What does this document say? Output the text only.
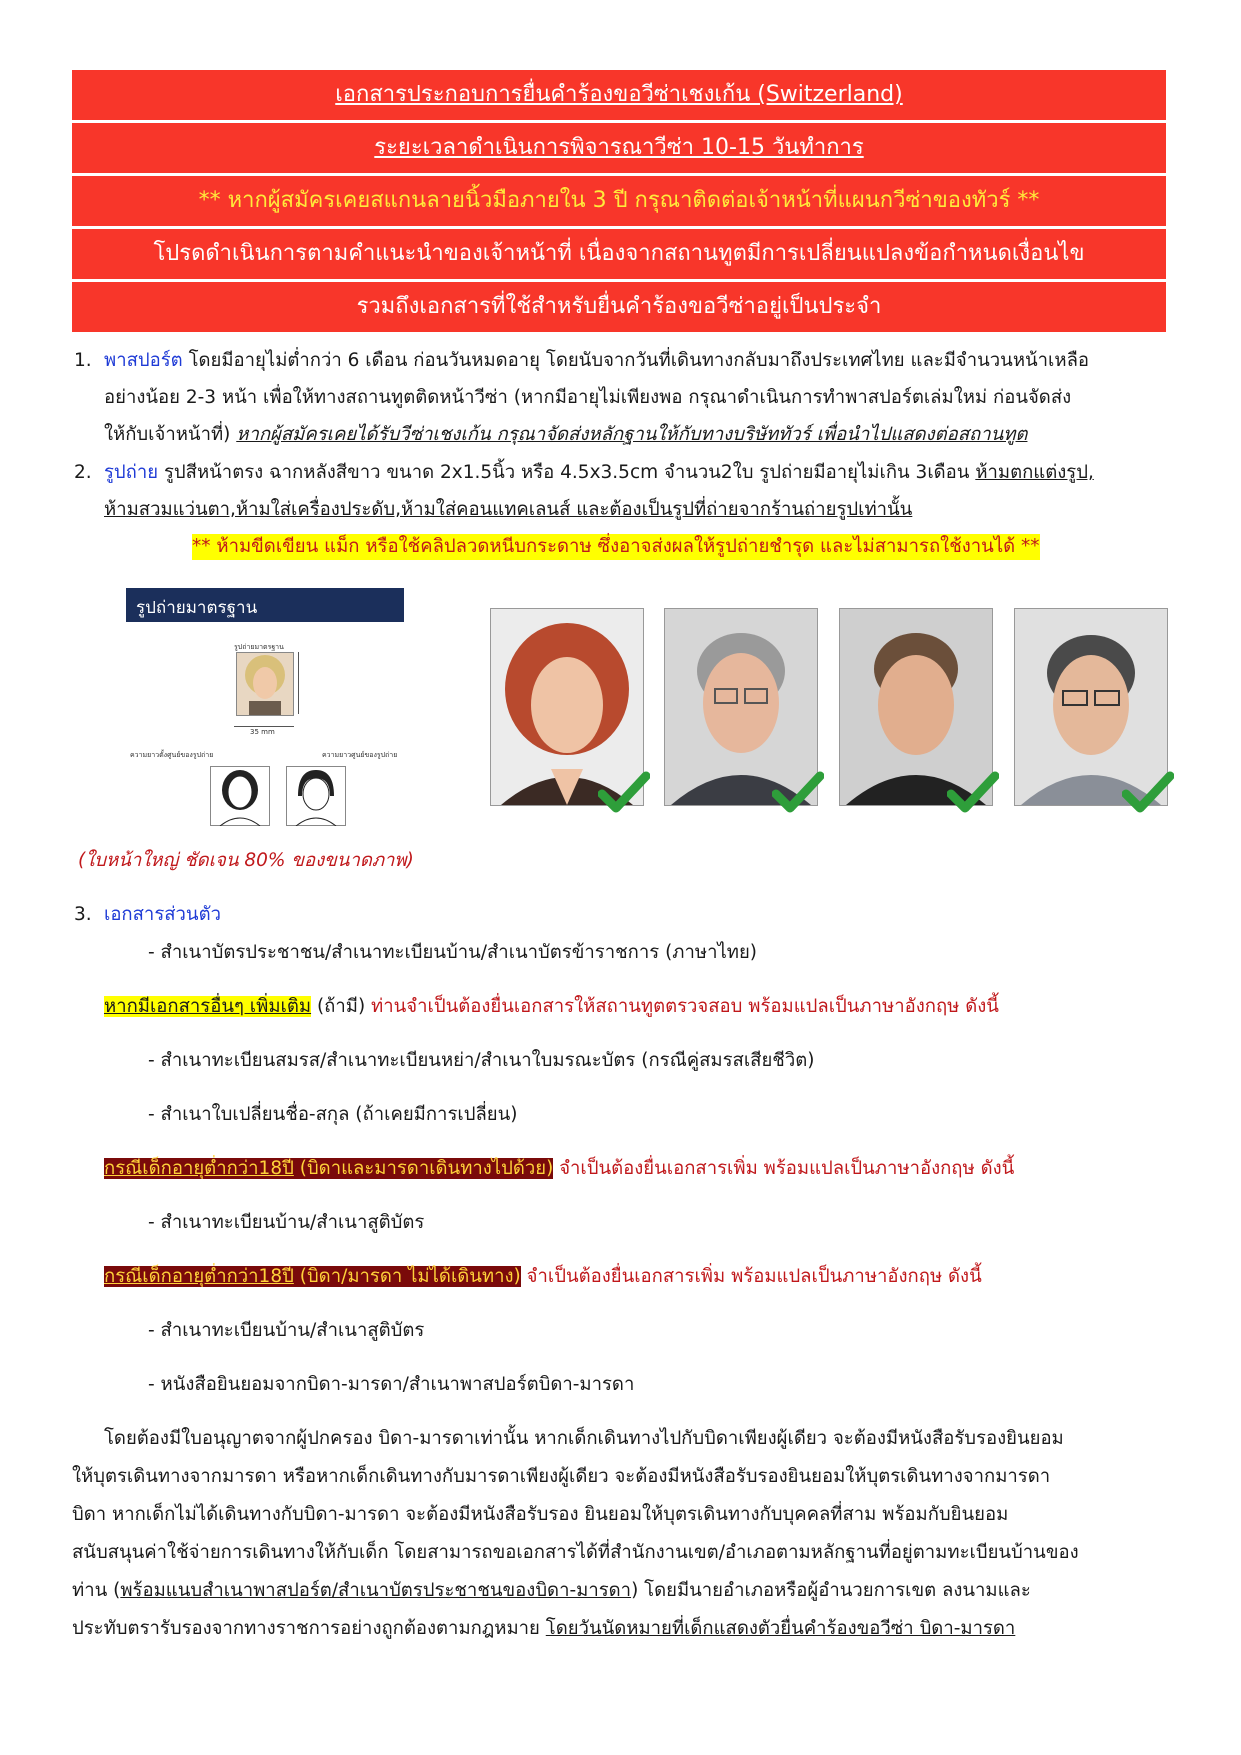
เอกสารประกอบการยื่นคำร้องขอวีซ่าเชงเก้น (Switzerland)
ระยะเวลาดำเนินการพิจารณาวีซ่า 10-15 วันทำการ
** หากผู้สมัครเคยสแกนลายนิ้วมือภายใน 3 ปี กรุณาติดต่อเจ้าหน้าที่แผนกวีซ่าของทัวร์ **
โปรดดำเนินการตามคำแนะนำของเจ้าหน้าที่ เนื่องจากสถานทูตมีการเปลี่ยนแปลงข้อกำหนดเงื่อนไข
รวมถึงเอกสารที่ใช้สำหรับยื่นคำร้องขอวีซ่าอยู่เป็นประจำ
1. พาสปอร์ต โดยมีอายุไม่ต่ำกว่า 6 เดือน ก่อนวันหมดอายุ โดยนับจากวันที่เดินทางกลับมาถึงประเทศไทย และมีจำนวนหน้าเหลือ
อย่างน้อย 2-3 หน้า เพื่อให้ทางสถานทูตติดหน้าวีซ่า (หากมีอายุไม่เพียงพอ กรุณาดำเนินการทำพาสปอร์ตเล่มใหม่ ก่อนจัดส่ง
ให้กับเจ้าหน้าที่) หากผู้สมัครเคยได้รับวีซ่าเชงเก้น กรุณาจัดส่งหลักฐานให้กับทางบริษัททัวร์ เพื่อนำไปแสดงต่อสถานทูต
2. รูปถ่าย รูปสีหน้าตรง ฉากหลังสีขาว ขนาด 2x1.5นิ้ว หรือ 4.5x3.5cm จำนวน2ใบ รูปถ่ายมีอายุไม่เกิน 3เดือน ห้ามตกแต่งรูป,
ห้ามสวมแว่นตา,ห้ามใส่เครื่องประดับ,ห้ามใส่คอนแทคเลนส์ และต้องเป็นรูปที่ถ่ายจากร้านถ่ายรูปเท่านั้น
** ห้ามขีดเขียน แม็ก หรือใช้คลิปลวดหนีบกระดาษ ซึ่งอาจส่งผลให้รูปถ่ายชำรุด และไม่สามารถใช้งานได้ **
รูปถ่ายมาตรฐาน
รูปถ่ายมาตรฐาน
35 mm
ความยาวตั้งศูนย์ของรูปถ่าย	ความยาวศูนย์ของรูปถ่าย
(ใบหน้าใหญ่ ชัดเจน 80% ของขนาดภาพ)
3. เอกสารส่วนตัว
- สำเนาบัตรประชาชน/สำเนาทะเบียนบ้าน/สำเนาบัตรข้าราชการ (ภาษาไทย)
หากมีเอกสารอื่นๆ เพิ่มเติม (ถ้ามี) ท่านจำเป็นต้องยื่นเอกสารให้สถานทูตตรวจสอบ พร้อมแปลเป็นภาษาอังกฤษ ดังนี้
- สำเนาทะเบียนสมรส/สำเนาทะเบียนหย่า/สำเนาใบมรณะบัตร (กรณีคู่สมรสเสียชีวิต)
- สำเนาใบเปลี่ยนชื่อ-สกุล (ถ้าเคยมีการเปลี่ยน)
กรณีเด็กอายุต่ำกว่า18ปี (บิดาและมารดาเดินทางไปด้วย) จำเป็นต้องยื่นเอกสารเพิ่ม พร้อมแปลเป็นภาษาอังกฤษ ดังนี้
- สำเนาทะเบียนบ้าน/สำเนาสูติบัตร
กรณีเด็กอายุต่ำกว่า18ปี (บิดา/มารดา ไม่ได้เดินทาง) จำเป็นต้องยื่นเอกสารเพิ่ม พร้อมแปลเป็นภาษาอังกฤษ ดังนี้
- สำเนาทะเบียนบ้าน/สำเนาสูติบัตร
- หนังสือยินยอมจากบิดา-มารดา/สำเนาพาสปอร์ตบิดา-มารดา
โดยต้องมีใบอนุญาตจากผู้ปกครอง บิดา-มารดาเท่านั้น หากเด็กเดินทางไปกับบิดาเพียงผู้เดียว จะต้องมีหนังสือรับรองยินยอม
ให้บุตรเดินทางจากมารดา หรือหากเด็กเดินทางกับมารดาเพียงผู้เดียว จะต้องมีหนังสือรับรองยินยอมให้บุตรเดินทางจากมารดา
บิดา หากเด็กไม่ได้เดินทางกับบิดา-มารดา จะต้องมีหนังสือรับรอง ยินยอมให้บุตรเดินทางกับบุคคลที่สาม พร้อมกับยินยอม
สนับสนุนค่าใช้จ่ายการเดินทางให้กับเด็ก โดยสามารถขอเอกสารได้ที่สำนักงานเขต/อำเภอตามหลักฐานที่อยู่ตามทะเบียนบ้านของ
ท่าน (พร้อมแนบสำเนาพาสปอร์ต/สำเนาบัตรประชาชนของบิดา-มารดา) โดยมีนายอำเภอหรือผู้อำนวยการเขต ลงนามและ
ประทับตรารับรองจากทางราชการอย่างถูกต้องตามกฎหมาย โดยวันนัดหมายที่เด็กแสดงตัวยื่นคำร้องขอวีซ่า บิดา-มารดา
